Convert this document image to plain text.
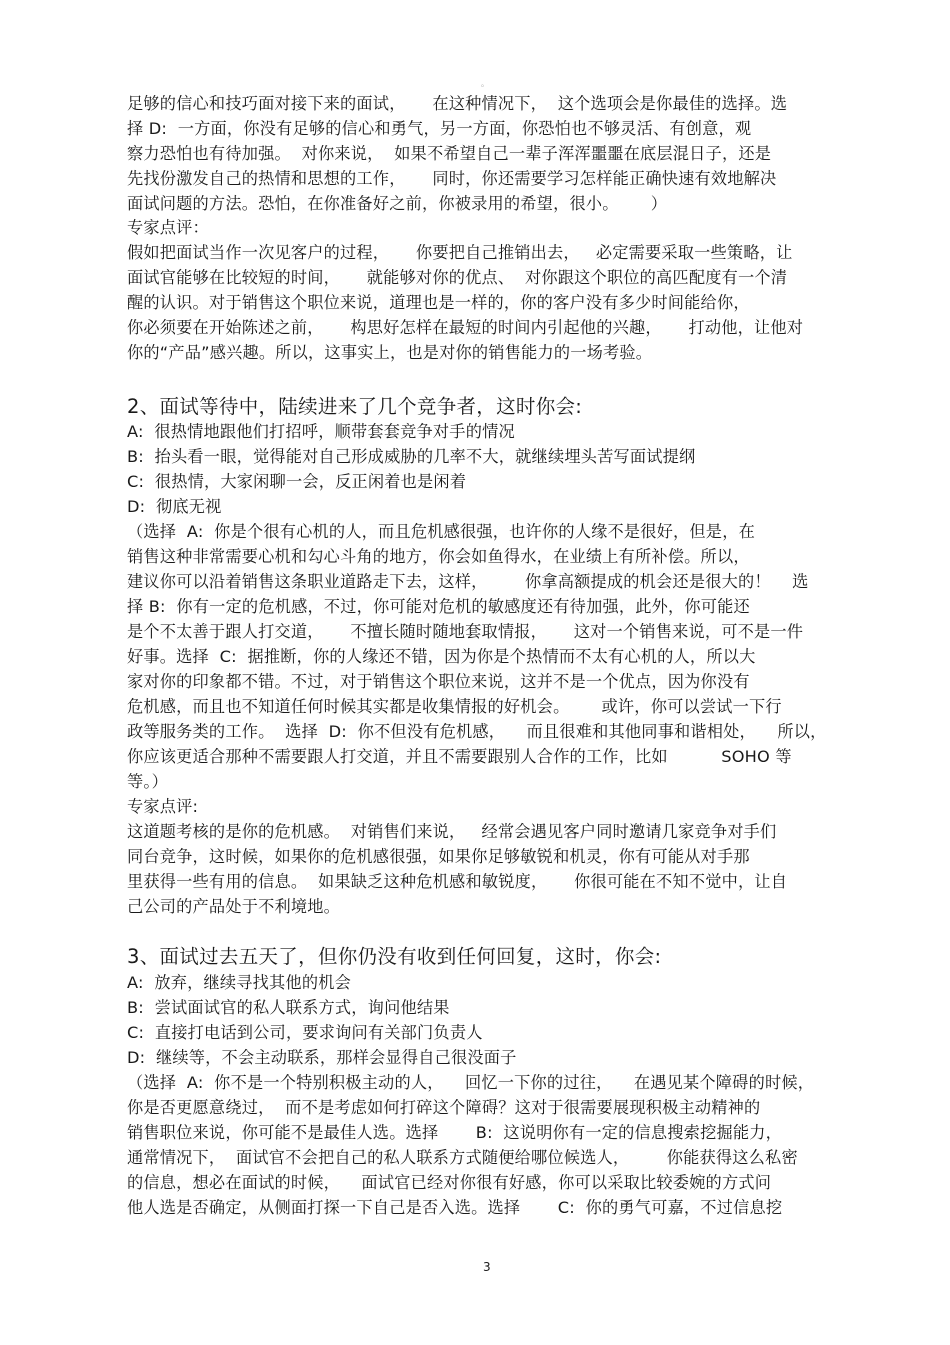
。
足够的信心和技巧面对接下来的面试，     在这种情况下，  这个选项会是你最佳的选择。选
择 D:  一方面，你没有足够的信心和勇气，另一方面，你恐怕也不够灵活、有创意，观
察力恐怕也有待加强。  对你来说，  如果不希望自己一辈子浑浑噩噩在底层混日子，还是
先找份激发自己的热情和思想的工作，     同时，你还需要学习怎样能正确快速有效地解决
面试问题的方法。恐怕，在你准备好之前，你被录用的希望，很小。      ）
专家点评：
假如把面试当作一次见客户的过程，     你要把自己推销出去，   必定需要采取一些策略，让
面试官能够在比较短的时间，     就能够对你的优点、  对你跟这个职位的高匹配度有一个清
醒的认识。对于销售这个职位来说，道理也是一样的，你的客户没有多少时间能给你，
你必须要在开始陈述之前，     构思好怎样在最短的时间内引起他的兴趣，     打动他，让他对
你的“产品”感兴趣。所以，这事实上，也是对你的销售能力的一场考验。
2、面试等待中，陆续进来了几个竞争者，这时你会:
A:  很热情地跟他们打招呼，顺带套套竞争对手的情况
B:  抬头看一眼，觉得能对自己形成威胁的几率不大，就继续埋头苦写面试提纲
C:  很热情，大家闲聊一会，反正闲着也是闲着
D:  彻底无视
（选择  A:  你是个很有心机的人，而且危机感很强，也许你的人缘不是很好，但是，在
销售这种非常需要心机和勾心斗角的地方，你会如鱼得水，在业绩上有所补偿。所以，
建议你可以沿着销售这条职业道路走下去，这样，       你拿高额提成的机会还是很大的！    选
择 B:  你有一定的危机感，不过，你可能对危机的敏感度还有待加强，此外，你可能还
是个不太善于跟人打交道，     不擅长随时随地套取情报，     这对一个销售来说，可不是一件
好事。选择  C:  据推断，你的人缘还不错，因为你是个热情而不太有心机的人，所以大
家对你的印象都不错。不过，对于销售这个职位来说，这并不是一个优点，因为你没有
危机感，而且也不知道任何时候其实都是收集情报的好机会。      或许，你可以尝试一下行
政等服务类的工作。  选择  D:  你不但没有危机感，    而且很难和其他同事和谐相处，    所以，
你应该更适合那种不需要跟人打交道，并且不需要跟别人合作的工作，比如          SOHO 等
等。）
专家点评:
这道题考核的是你的危机感。  对销售们来说，   经常会遇见客户同时邀请几家竞争对手们
同台竞争，这时候，如果你的危机感很强，如果你足够敏锐和机灵，你有可能从对手那
里获得一些有用的信息。  如果缺乏这种危机感和敏锐度，     你很可能在不知不觉中，让自
己公司的产品处于不利境地。
3、面试过去五天了，但你仍没有收到任何回复，这时，你会:
A:  放弃，继续寻找其他的机会
B:  尝试面试官的私人联系方式，询问他结果
C:  直接打电话到公司，要求询问有关部门负责人
D:  继续等，不会主动联系，那样会显得自己很没面子
（选择  A:  你不是一个特别积极主动的人，    回忆一下你的过往，    在遇见某个障碍的时候，
你是否更愿意绕过，  而不是考虑如何打碎这个障碍？这对于很需要展现积极主动精神的
销售职位来说，你可能不是最佳人选。选择       B:  这说明你有一定的信息搜索挖掘能力，
通常情况下，  面试官不会把自己的私人联系方式随便给哪位候选人，       你能获得这么私密
的信息，想必在面试的时候，    面试官已经对你很有好感，你可以采取比较委婉的方式问
他人选是否确定，从侧面打探一下自己是否入选。选择       C:  你的勇气可嘉，不过信息挖
3
